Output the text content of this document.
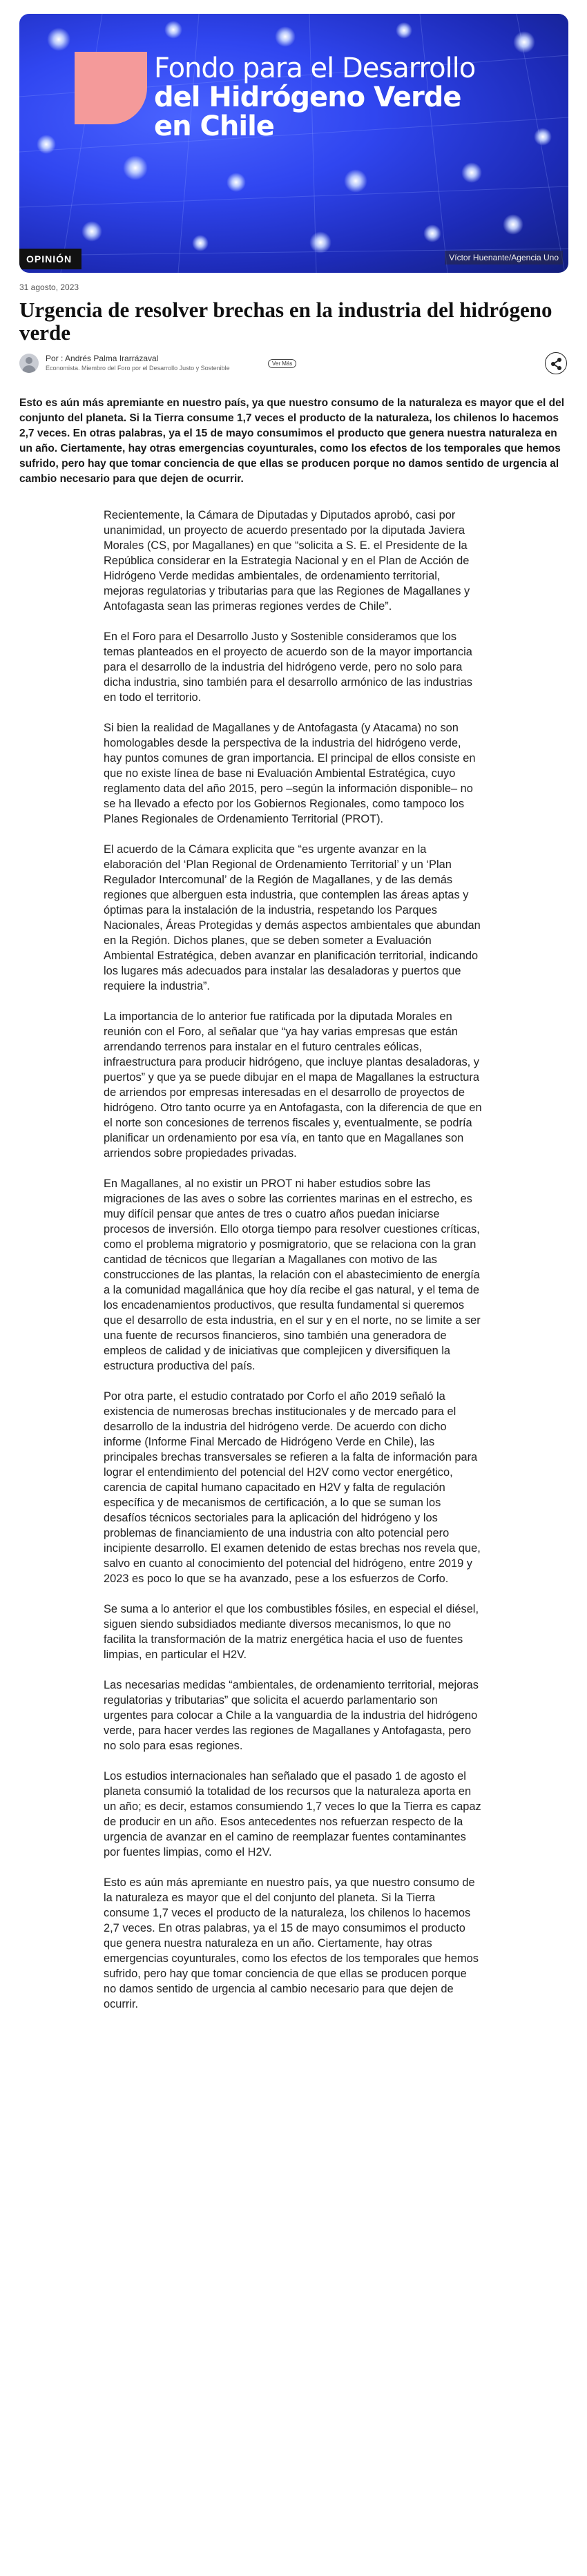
Fondo para el Desarrollo
del Hidrógeno Verde
en Chile
OPINIÓN	Víctor Huenante/Agencia Uno
31 agosto, 2023
Urgencia de resolver brechas en la industria del hidrógeno verde
Por : Andrés Palma Irarrázaval
Economista. Miembro del Foro por el Desarrollo Justo y Sostenible
Ver Más

Esto es aún más apremiante en nuestro país, ya que nuestro consumo de la naturaleza es mayor que el del conjunto del planeta. Si la Tierra consume 1,7 veces el producto de la naturaleza, los chilenos lo hacemos 2,7 veces. En otras palabras, ya el 15 de mayo consumimos el producto que genera nuestra naturaleza en un año. Ciertamente, hay otras emergencias coyunturales, como los efectos de los temporales que hemos sufrido, pero hay que tomar conciencia de que ellas se producen porque no damos sentido de urgencia al cambio necesario para que dejen de ocurrir.

Recientemente, la Cámara de Diputadas y Diputados aprobó, casi por unanimidad, un proyecto de acuerdo presentado por la diputada Javiera Morales (CS, por Magallanes) en que “solicita a S. E. el Presidente de la República considerar en la Estrategia Nacional y en el Plan de Acción de Hidrógeno Verde medidas ambientales, de ordenamiento territorial, mejoras regulatorias y tributarias para que las Regiones de Magallanes y Antofagasta sean las primeras regiones verdes de Chile”.

En el Foro para el Desarrollo Justo y Sostenible consideramos que los temas planteados en el proyecto de acuerdo son de la mayor importancia para el desarrollo de la industria del hidrógeno verde, pero no solo para dicha industria, sino también para el desarrollo armónico de las industrias en todo el territorio.

Si bien la realidad de Magallanes y de Antofagasta (y Atacama) no son homologables desde la perspectiva de la industria del hidrógeno verde, hay puntos comunes de gran importancia. El principal de ellos consiste en que no existe línea de base ni Evaluación Ambiental Estratégica, cuyo reglamento data del año 2015, pero –según la información disponible– no se ha llevado a efecto por los Gobiernos Regionales, como tampoco los Planes Regionales de Ordenamiento Territorial (PROT).

El acuerdo de la Cámara explicita que “es urgente avanzar en la elaboración del ‘Plan Regional de Ordenamiento Territorial’ y un ‘Plan Regulador Intercomunal’ de la Región de Magallanes, y de las demás regiones que alberguen esta industria, que contemplen las áreas aptas y óptimas para la instalación de la industria, respetando los Parques Nacionales, Áreas Protegidas y demás aspectos ambientales que abundan en la Región. Dichos planes, que se deben someter a Evaluación Ambiental Estratégica, deben avanzar en planificación territorial, indicando los lugares más adecuados para instalar las desaladoras y puertos que requiere la industria”.

La importancia de lo anterior fue ratificada por la diputada Morales en reunión con el Foro, al señalar que “ya hay varias empresas que están arrendando terrenos para instalar en el futuro centrales eólicas, infraestructura para producir hidrógeno, que incluye plantas desaladoras, y puertos” y que ya se puede dibujar en el mapa de Magallanes la estructura de arriendos por empresas interesadas en el desarrollo de proyectos de hidrógeno. Otro tanto ocurre ya en Antofagasta, con la diferencia de que en el norte son concesiones de terrenos fiscales y, eventualmente, se podría planificar un ordenamiento por esa vía, en tanto que en Magallanes son arriendos sobre propiedades privadas.

En Magallanes, al no existir un PROT ni haber estudios sobre las migraciones de las aves o sobre las corrientes marinas en el estrecho, es muy difícil pensar que antes de tres o cuatro años puedan iniciarse procesos de inversión. Ello otorga tiempo para resolver cuestiones críticas, como el problema migratorio y posmigratorio, que se relaciona con la gran cantidad de técnicos que llegarían a Magallanes con motivo de las construcciones de las plantas, la relación con el abastecimiento de energía a la comunidad magallánica que hoy día recibe el gas natural, y el tema de los encadenamientos productivos, que resulta fundamental si queremos que el desarrollo de esta industria, en el sur y en el norte, no se limite a ser una fuente de recursos financieros, sino también una generadora de empleos de calidad y de iniciativas que complejicen y diversifiquen la estructura productiva del país.

Por otra parte, el estudio contratado por Corfo el año 2019 señaló la existencia de numerosas brechas institucionales y de mercado para el desarrollo de la industria del hidrógeno verde. De acuerdo con dicho informe (Informe Final Mercado de Hidrógeno Verde en Chile), las principales brechas transversales se refieren a la falta de información para lograr el entendimiento del potencial del H2V como vector energético, carencia de capital humano capacitado en H2V y falta de regulación específica y de mecanismos de certificación, a lo que se suman los desafíos técnicos sectoriales para la aplicación del hidrógeno y los problemas de financiamiento de una industria con alto potencial pero incipiente desarrollo. El examen detenido de estas brechas nos revela que, salvo en cuanto al conocimiento del potencial del hidrógeno, entre 2019 y 2023 es poco lo que se ha avanzado, pese a los esfuerzos de Corfo.

Se suma a lo anterior el que los combustibles fósiles, en especial el diésel, siguen siendo subsidiados mediante diversos mecanismos, lo que no facilita la transformación de la matriz energética hacia el uso de fuentes limpias, en particular el H2V.

Las necesarias medidas “ambientales, de ordenamiento territorial, mejoras regulatorias y tributarias” que solicita el acuerdo parlamentario son urgentes para colocar a Chile a la vanguardia de la industria del hidrógeno verde, para hacer verdes las regiones de Magallanes y Antofagasta, pero no solo para esas regiones.

Los estudios internacionales han señalado que el pasado 1 de agosto el planeta consumió la totalidad de los recursos que la naturaleza aporta en un año; es decir, estamos consumiendo 1,7 veces lo que la Tierra es capaz de producir en un año. Esos antecedentes nos refuerzan respecto de la urgencia de avanzar en el camino de reemplazar fuentes contaminantes por fuentes limpias, como el H2V.

Esto es aún más apremiante en nuestro país, ya que nuestro consumo de la naturaleza es mayor que el del conjunto del planeta. Si la Tierra consume 1,7 veces el producto de la naturaleza, los chilenos lo hacemos 2,7 veces. En otras palabras, ya el 15 de mayo consumimos el producto que genera nuestra naturaleza en un año. Ciertamente, hay otras emergencias coyunturales, como los efectos de los temporales que hemos sufrido, pero hay que tomar conciencia de que ellas se producen porque no damos sentido de urgencia al cambio necesario para que dejen de ocurrir.
